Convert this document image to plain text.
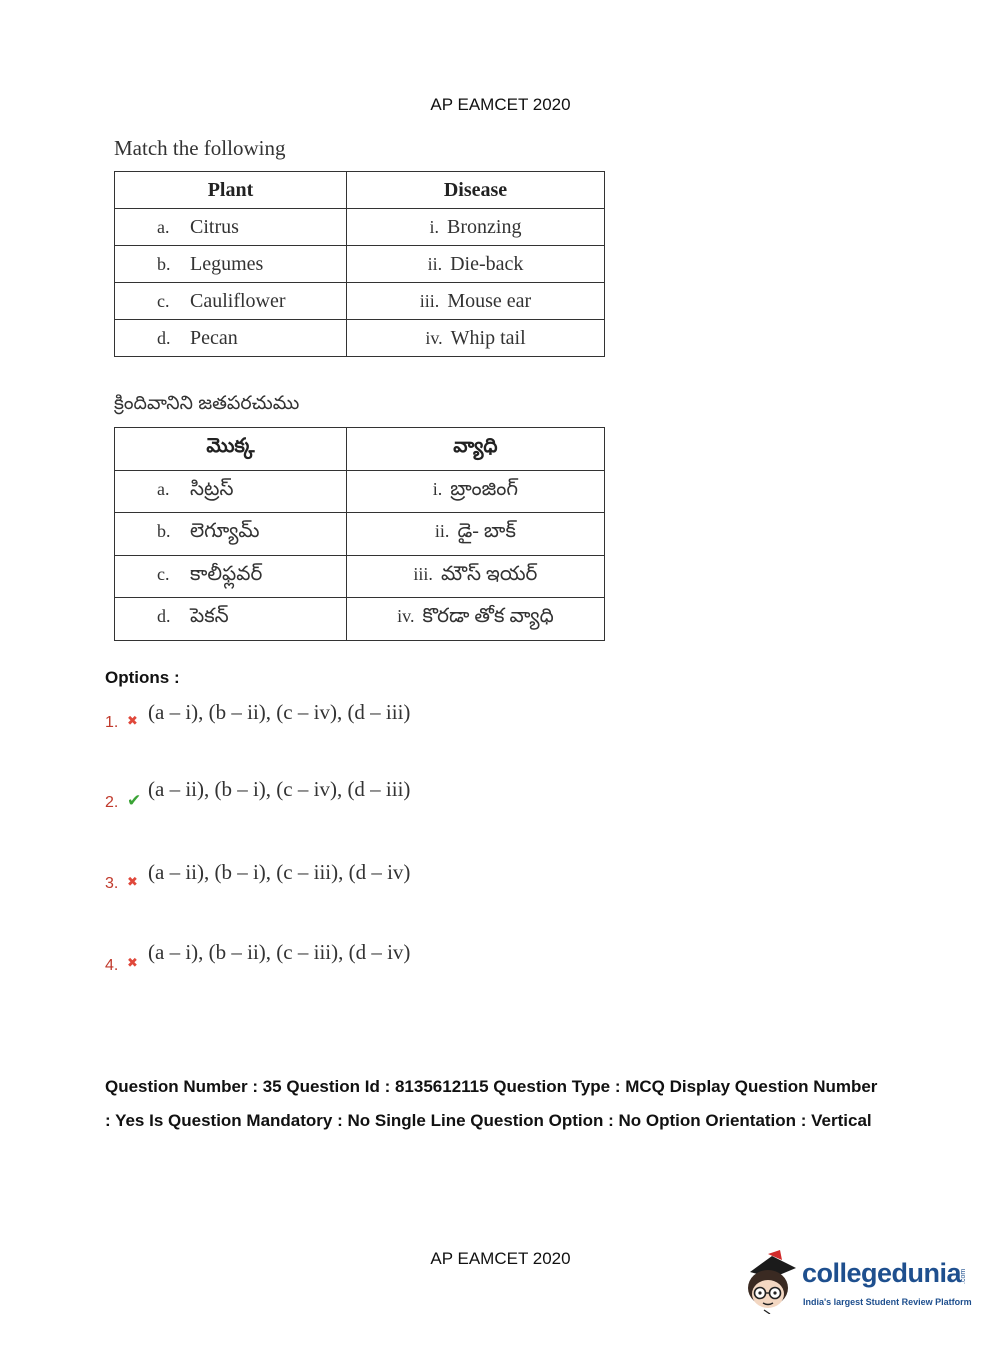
AP EAMCET 2020
Match the following
Plant	Disease
a. Citrus	i. Bronzing
b. Legumes	ii. Die-back
c. Cauliflower	iii. Mouse ear
d. Pecan	iv. Whip tail
క్రిందివానిని జతపరచుము
మొక్క	వ్యాధి
a. సిట్రస్	i. బ్రాంజింగ్
b. లెగ్యూమ్	ii. డై- బాక్
c. కాలీఫ్లవర్	iii. మౌస్ ఇయర్
d. పెకన్	iv. కొరడా తోక వ్యాధి
Options :
1. ✖ (a – i), (b – ii), (c – iv), (d – iii)
2. ✔ (a – ii), (b – i), (c – iv), (d – iii)
3. ✖ (a – ii), (b – i), (c – iii), (d – iv)
4. ✖ (a – i), (b – ii), (c – iii), (d – iv)
Question Number : 35 Question Id : 8135612115 Question Type : MCQ Display Question Number : Yes Is Question Mandatory : No Single Line Question Option : No Option Orientation : Vertical
AP EAMCET 2020	collegedunia
.com
India's largest Student Review Platform
